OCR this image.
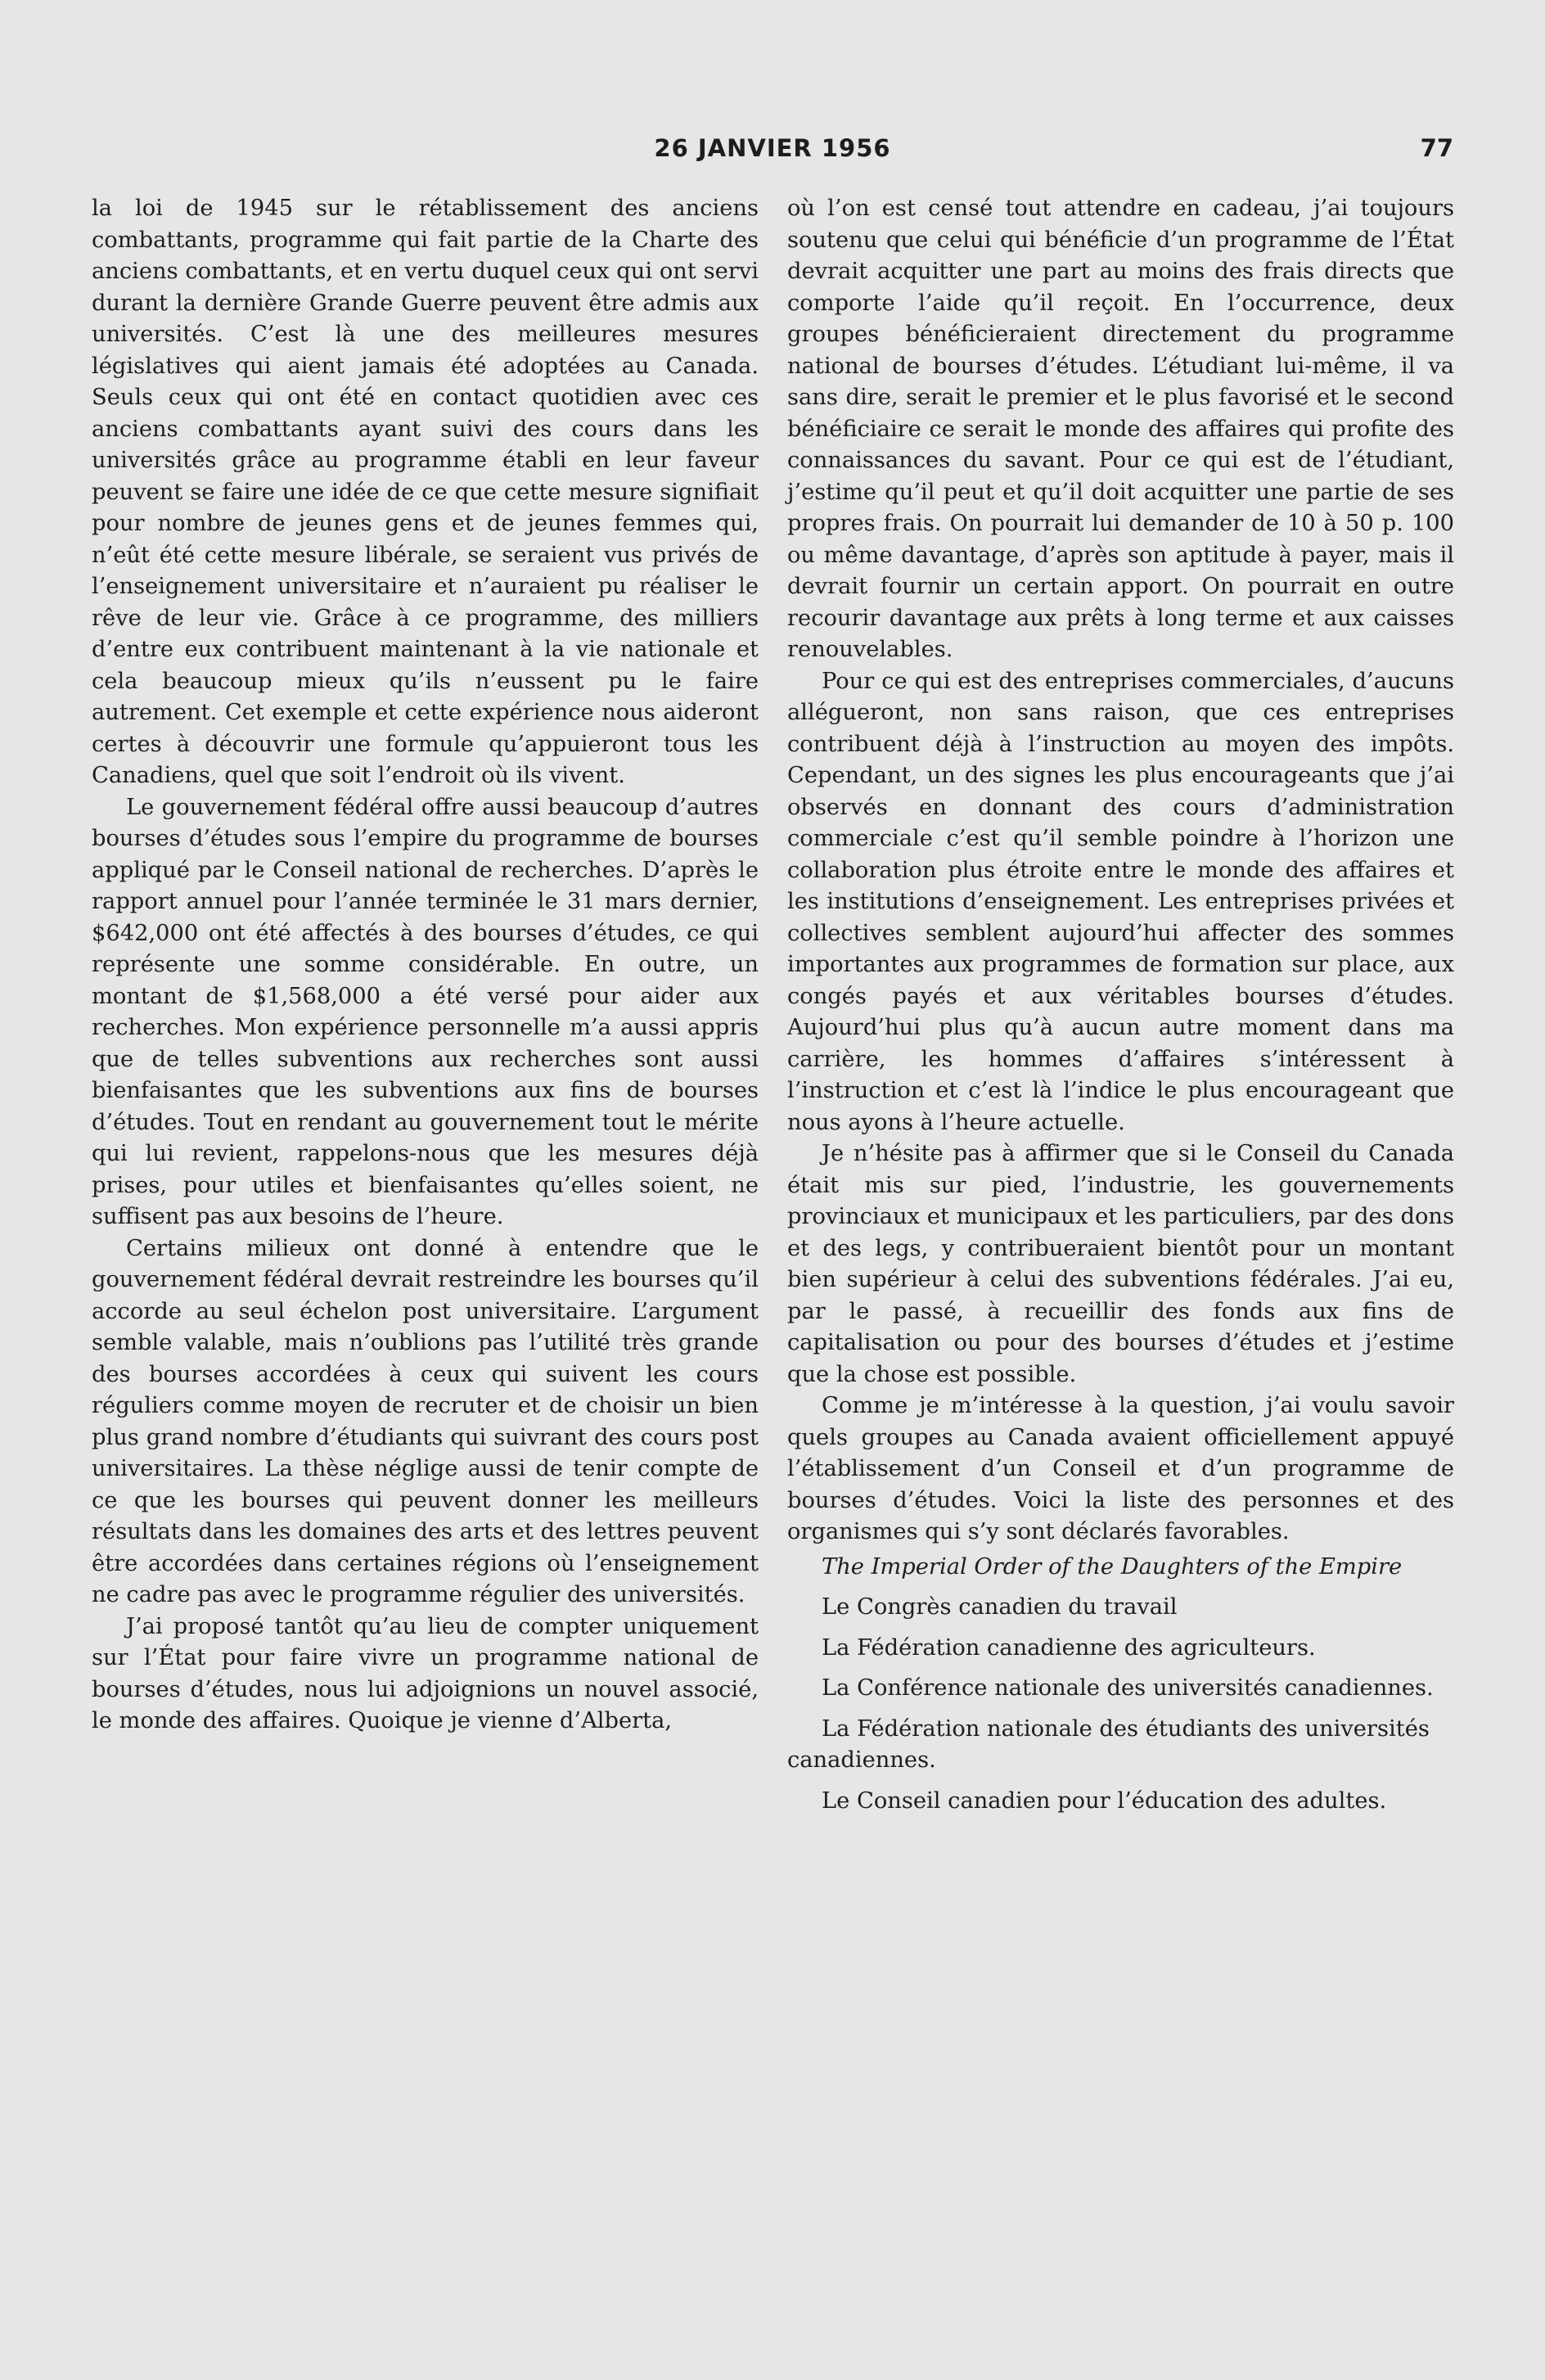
26 JANVIER 1956	77

la loi de 1945 sur le rétablissement des anciens combattants, programme qui fait partie de la Charte des anciens combattants, et en vertu duquel ceux qui ont servi durant la dernière Grande Guerre peuvent être admis aux universités. C’est là une des meilleures mesures législatives qui aient jamais été adoptées au Canada. Seuls ceux qui ont été en contact quotidien avec ces anciens combattants ayant suivi des cours dans les universités grâce au programme établi en leur faveur peuvent se faire une idée de ce que cette mesure signifiait pour nombre de jeunes gens et de jeunes femmes qui, n’eût été cette mesure libérale, se seraient vus privés de l’enseignement universitaire et n’auraient pu réaliser le rêve de leur vie. Grâce à ce programme, des milliers d’entre eux contribuent maintenant à la vie nationale et cela beaucoup mieux qu’ils n’eussent pu le faire autrement. Cet exemple et cette expérience nous aideront certes à découvrir une formule qu’appuieront tous les Canadiens, quel que soit l’endroit où ils vivent.

Le gouvernement fédéral offre aussi beaucoup d’autres bourses d’études sous l’empire du programme de bourses appliqué par le Conseil national de recherches. D’après le rapport annuel pour l’année terminée le 31 mars dernier, $642,000 ont été affectés à des bourses d’études, ce qui représente une somme considérable. En outre, un montant de $1,568,000 a été versé pour aider aux recherches. Mon expérience personnelle m’a aussi appris que de telles subventions aux recherches sont aussi bienfaisantes que les subventions aux fins de bourses d’études. Tout en rendant au gouvernement tout le mérite qui lui revient, rappelons-nous que les mesures déjà prises, pour utiles et bienfaisantes qu’elles soient, ne suffisent pas aux besoins de l’heure.

Certains milieux ont donné à entendre que le gouvernement fédéral devrait restreindre les bourses qu’il accorde au seul échelon post universitaire. L’argument semble valable, mais n’oublions pas l’utilité très grande des bourses accordées à ceux qui suivent les cours réguliers comme moyen de recruter et de choisir un bien plus grand nombre d’étudiants qui suivrant des cours post universitaires. La thèse néglige aussi de tenir compte de ce que les bourses qui peuvent donner les meilleurs résultats dans les domaines des arts et des lettres peuvent être accordées dans certaines régions où l’enseignement ne cadre pas avec le programme régulier des universités.

J’ai proposé tantôt qu’au lieu de compter uniquement sur l’État pour faire vivre un programme national de bourses d’études, nous lui adjoignions un nouvel associé, le monde des affaires. Quoique je vienne d’Alberta,

où l’on est censé tout attendre en cadeau, j’ai toujours soutenu que celui qui bénéficie d’un programme de l’État devrait acquitter une part au moins des frais directs que comporte l’aide qu’il reçoit. En l’occurrence, deux groupes bénéficieraient directement du programme national de bourses d’études. L’étudiant lui-même, il va sans dire, serait le premier et le plus favorisé et le second bénéficiaire ce serait le monde des affaires qui profite des connaissances du savant. Pour ce qui est de l’étudiant, j’estime qu’il peut et qu’il doit acquitter une partie de ses propres frais. On pourrait lui demander de 10 à 50 p. 100 ou même davantage, d’après son aptitude à payer, mais il devrait fournir un certain apport. On pourrait en outre recourir davantage aux prêts à long terme et aux caisses renouvelables.

Pour ce qui est des entreprises commerciales, d’aucuns allégueront, non sans raison, que ces entreprises contribuent déjà à l’instruction au moyen des impôts. Cependant, un des signes les plus encourageants que j’ai observés en donnant des cours d’administration commerciale c’est qu’il semble poindre à l’horizon une collaboration plus étroite entre le monde des affaires et les institutions d’enseignement. Les entreprises privées et collectives semblent aujourd’hui affecter des sommes importantes aux programmes de formation sur place, aux congés payés et aux véritables bourses d’études. Aujourd’hui plus qu’à aucun autre moment dans ma carrière, les hommes d’affaires s’intéressent à l’instruction et c’est là l’indice le plus encourageant que nous ayons à l’heure actuelle.

Je n’hésite pas à affirmer que si le Conseil du Canada était mis sur pied, l’industrie, les gouvernements provinciaux et municipaux et les particuliers, par des dons et des legs, y contribueraient bientôt pour un montant bien supérieur à celui des subventions fédérales. J’ai eu, par le passé, à recueillir des fonds aux fins de capitalisation ou pour des bourses d’études et j’estime que la chose est possible.

Comme je m’intéresse à la question, j’ai voulu savoir quels groupes au Canada avaient officiellement appuyé l’établissement d’un Conseil et d’un programme de bourses d’études. Voici la liste des personnes et des organismes qui s’y sont déclarés favorables.

The Imperial Order of the Daughters of the Empire

Le Congrès canadien du travail

La Fédération canadienne des agriculteurs.

La Conférence nationale des universités canadiennes.

La Fédération nationale des étudiants des universités canadiennes.

Le Conseil canadien pour l’éducation des adultes.
